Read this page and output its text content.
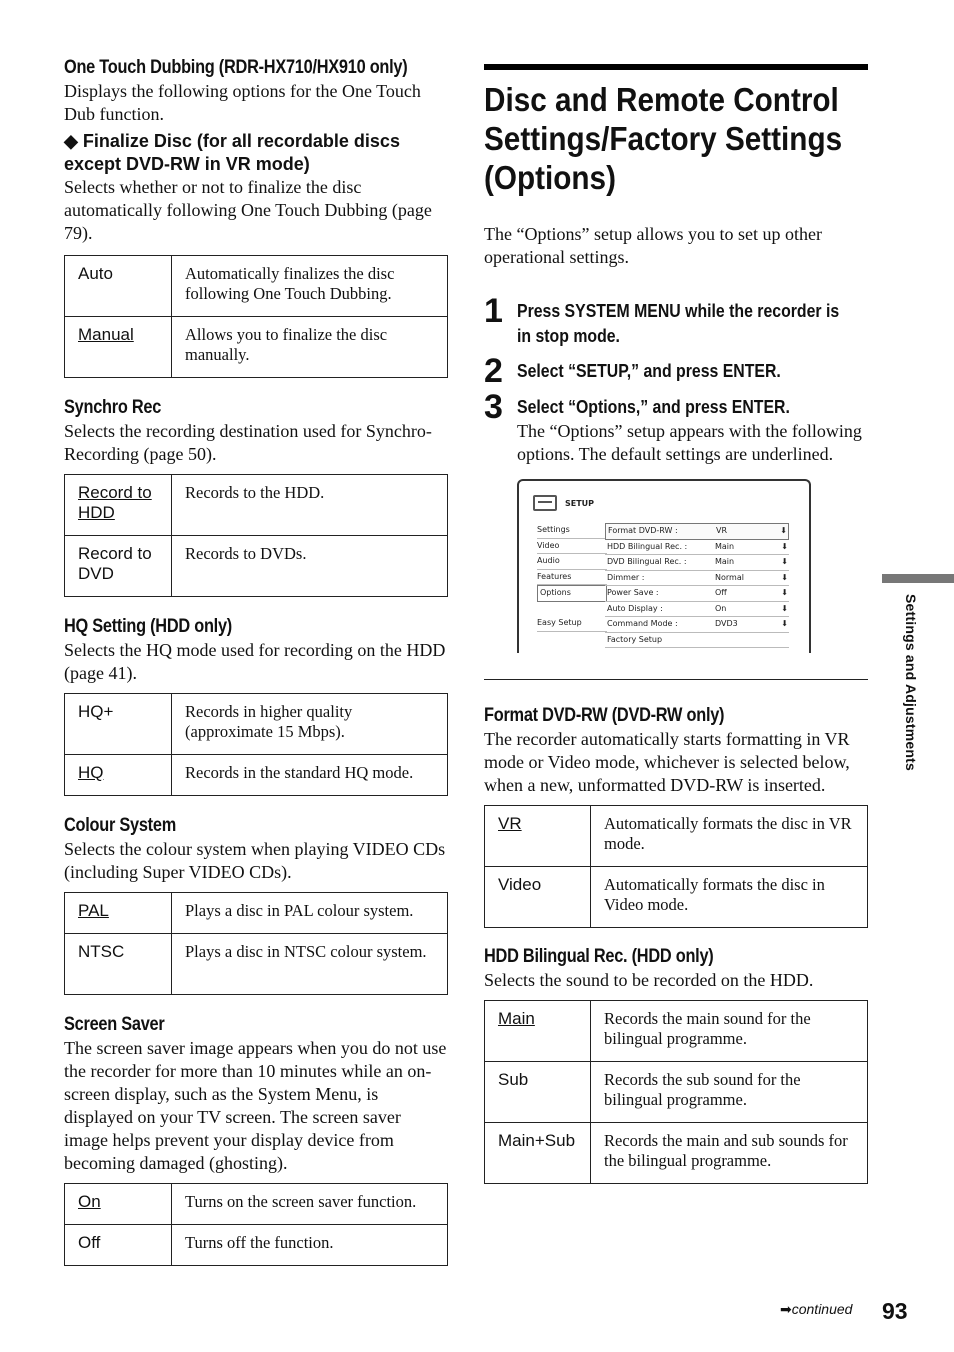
One Touch Dubbing (RDR-HX710/HX910 only)

Displays the following options for the One Touch Dub function.

◆ Finalize Disc (for all recordable discs except DVD-RW in VR mode)

Selects whether or not to finalize the disc automatically following One Touch Dubbing (page 79).

Auto	Automatically finalizes the disc following One Touch Dubbing.
Manual	Allows you to finalize the disc manually.
Synchro Rec

Selects the recording destination used for Synchro-Recording (page 50).

Record to HDD	Records to the HDD.
Record to DVD	Records to DVDs.
HQ Setting (HDD only)

Selects the HQ mode used for recording on the HDD (page 41).

HQ+	Records in higher quality (approximate 15 Mbps).
HQ	Records in the standard HQ mode.
Colour System

Selects the colour system when playing VIDEO CDs (including Super VIDEO CDs).

PAL	Plays a disc in PAL colour system.
NTSC	Plays a disc in NTSC colour system.
Screen Saver

The screen saver image appears when you do not use the recorder for more than 10 minutes while an on-screen display, such as the System Menu, is displayed on your TV screen. The screen saver image helps prevent your display device from becoming damaged (ghosting).

On	Turns on the screen saver function.
Off	Turns off the function.
Disc and Remote Control
Settings/Factory Settings
(Options)

The “Options” setup allows you to set up other operational settings.

1 Press SYSTEM MENU while the recorder is
in stop mode.
2 Select “SETUP,” and press ENTER.
3 Select “Options,” and press ENTER.

The “Options” setup appears with the following options. The default settings are underlined.

SETUP
Settings
Video
Audio
Features
Options
Easy Setup
Format DVD-RW :	VR	⬇
HDD Bilingual Rec. :	Main	⬇
DVD Bilingual Rec. :	Main	⬇
Dimmer :	Normal	⬇
Power Save :	Off	⬇
Auto Display :	On	⬇
Command Mode :	DVD3	⬇
Factory Setup
Format DVD-RW (DVD-RW only)

The recorder automatically starts formatting in VR mode or Video mode, whichever is selected below, when a new, unformatted DVD-RW is inserted.

VR	Automatically formats the disc in VR mode.
Video	Automatically formats the disc in Video mode.
HDD Bilingual Rec. (HDD only)

Selects the sound to be recorded on the HDD.

Main	Records the main sound for the bilingual programme.
Sub	Records the sub sound for the bilingual programme.
Main+Sub	Records the main and sub sounds for the bilingual programme.
Settings and Adjustments
➡continued 93
